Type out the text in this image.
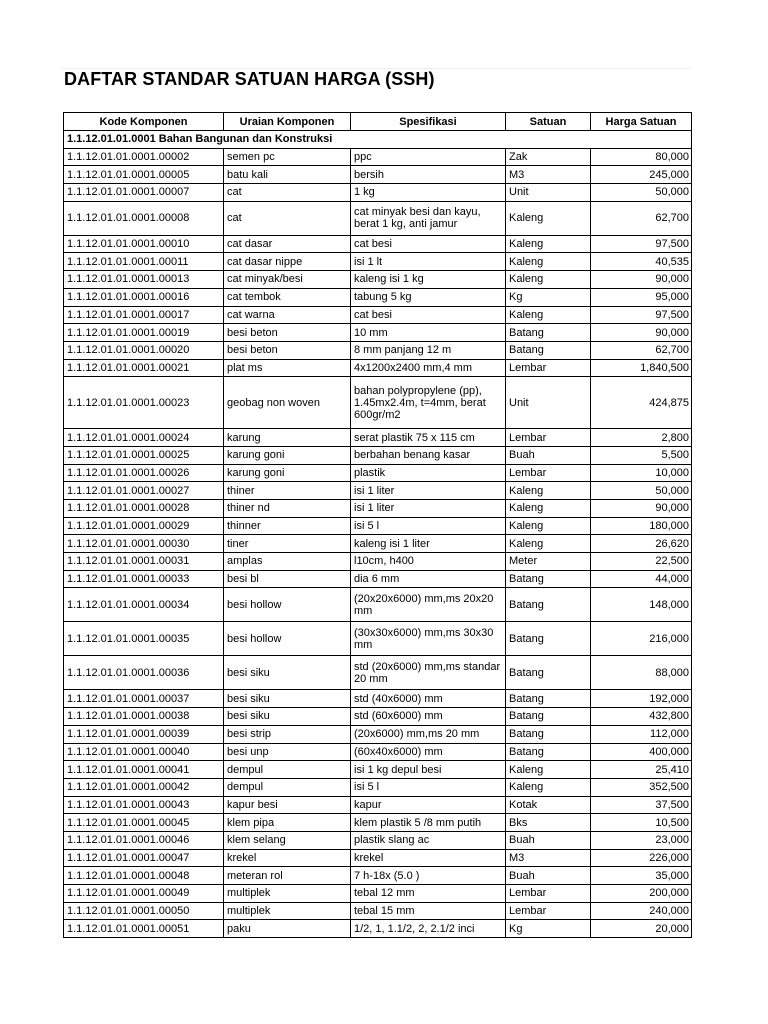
DAFTAR STANDAR SATUAN HARGA (SSH)
Kode Komponen	Uraian Komponen	Spesifikasi	Satuan	Harga Satuan
1.1.12.01.01.0001 Bahan Bangunan dan Konstruksi				
1.1.12.01.01.0001.00002	semen pc	ppc	Zak	80,000
1.1.12.01.01.0001.00005	batu kali	bersih	M3	245,000
1.1.12.01.01.0001.00007	cat	1 kg	Unit	50,000
1.1.12.01.01.0001.00008	cat	cat minyak besi dan kayu, berat 1 kg, anti jamur	Kaleng	62,700
1.1.12.01.01.0001.00010	cat dasar	cat besi	Kaleng	97,500
1.1.12.01.01.0001.00011	cat dasar nippe	isi 1 lt	Kaleng	40,535
1.1.12.01.01.0001.00013	cat minyak/besi	kaleng isi 1 kg	Kaleng	90,000
1.1.12.01.01.0001.00016	cat tembok	tabung 5 kg	Kg	95,000
1.1.12.01.01.0001.00017	cat warna	cat besi	Kaleng	97,500
1.1.12.01.01.0001.00019	besi beton	10 mm	Batang	90,000
1.1.12.01.01.0001.00020	besi beton	8 mm panjang 12 m	Batang	62,700
1.1.12.01.01.0001.00021	plat ms	4x1200x2400 mm,4 mm	Lembar	1,840,500
1.1.12.01.01.0001.00023	geobag non woven	bahan polypropylene (pp), 1.45mx2.4m, t=4mm, berat 600gr/m2	Unit	424,875
1.1.12.01.01.0001.00024	karung	serat plastik 75 x 115 cm	Lembar	2,800
1.1.12.01.01.0001.00025	karung goni	berbahan benang kasar	Buah	5,500
1.1.12.01.01.0001.00026	karung goni	plastik	Lembar	10,000
1.1.12.01.01.0001.00027	thiner	isi 1 liter	Kaleng	50,000
1.1.12.01.01.0001.00028	thiner nd	isi 1 liter	Kaleng	90,000
1.1.12.01.01.0001.00029	thinner	isi 5 l	Kaleng	180,000
1.1.12.01.01.0001.00030	tiner	kaleng isi 1 liter	Kaleng	26,620
1.1.12.01.01.0001.00031	amplas	l10cm, h400	Meter	22,500
1.1.12.01.01.0001.00033	besi bl	dia 6 mm	Batang	44,000
1.1.12.01.01.0001.00034	besi hollow	(20x20x6000) mm,ms 20x20 mm	Batang	148,000
1.1.12.01.01.0001.00035	besi hollow	(30x30x6000) mm,ms 30x30 mm	Batang	216,000
1.1.12.01.01.0001.00036	besi siku	std (20x6000) mm,ms standar 20 mm	Batang	88,000
1.1.12.01.01.0001.00037	besi siku	std (40x6000) mm	Batang	192,000
1.1.12.01.01.0001.00038	besi siku	std (60x6000) mm	Batang	432,800
1.1.12.01.01.0001.00039	besi strip	(20x6000) mm,ms 20 mm	Batang	112,000
1.1.12.01.01.0001.00040	besi unp	(60x40x6000) mm	Batang	400,000
1.1.12.01.01.0001.00041	dempul	isi 1 kg depul besi	Kaleng	25,410
1.1.12.01.01.0001.00042	dempul	isi 5 l	Kaleng	352,500
1.1.12.01.01.0001.00043	kapur besi	kapur	Kotak	37,500
1.1.12.01.01.0001.00045	klem pipa	klem plastik 5 /8 mm putih	Bks	10,500
1.1.12.01.01.0001.00046	klem selang	plastik slang ac	Buah	23,000
1.1.12.01.01.0001.00047	krekel	krekel	M3	226,000
1.1.12.01.01.0001.00048	meteran rol	7 h-18x (5.0 )	Buah	35,000
1.1.12.01.01.0001.00049	multiplek	tebal 12 mm	Lembar	200,000
1.1.12.01.01.0001.00050	multiplek	tebal 15 mm	Lembar	240,000
1.1.12.01.01.0001.00051	paku	1/2, 1, 1.1/2, 2, 2.1/2 inci	Kg	20,000
